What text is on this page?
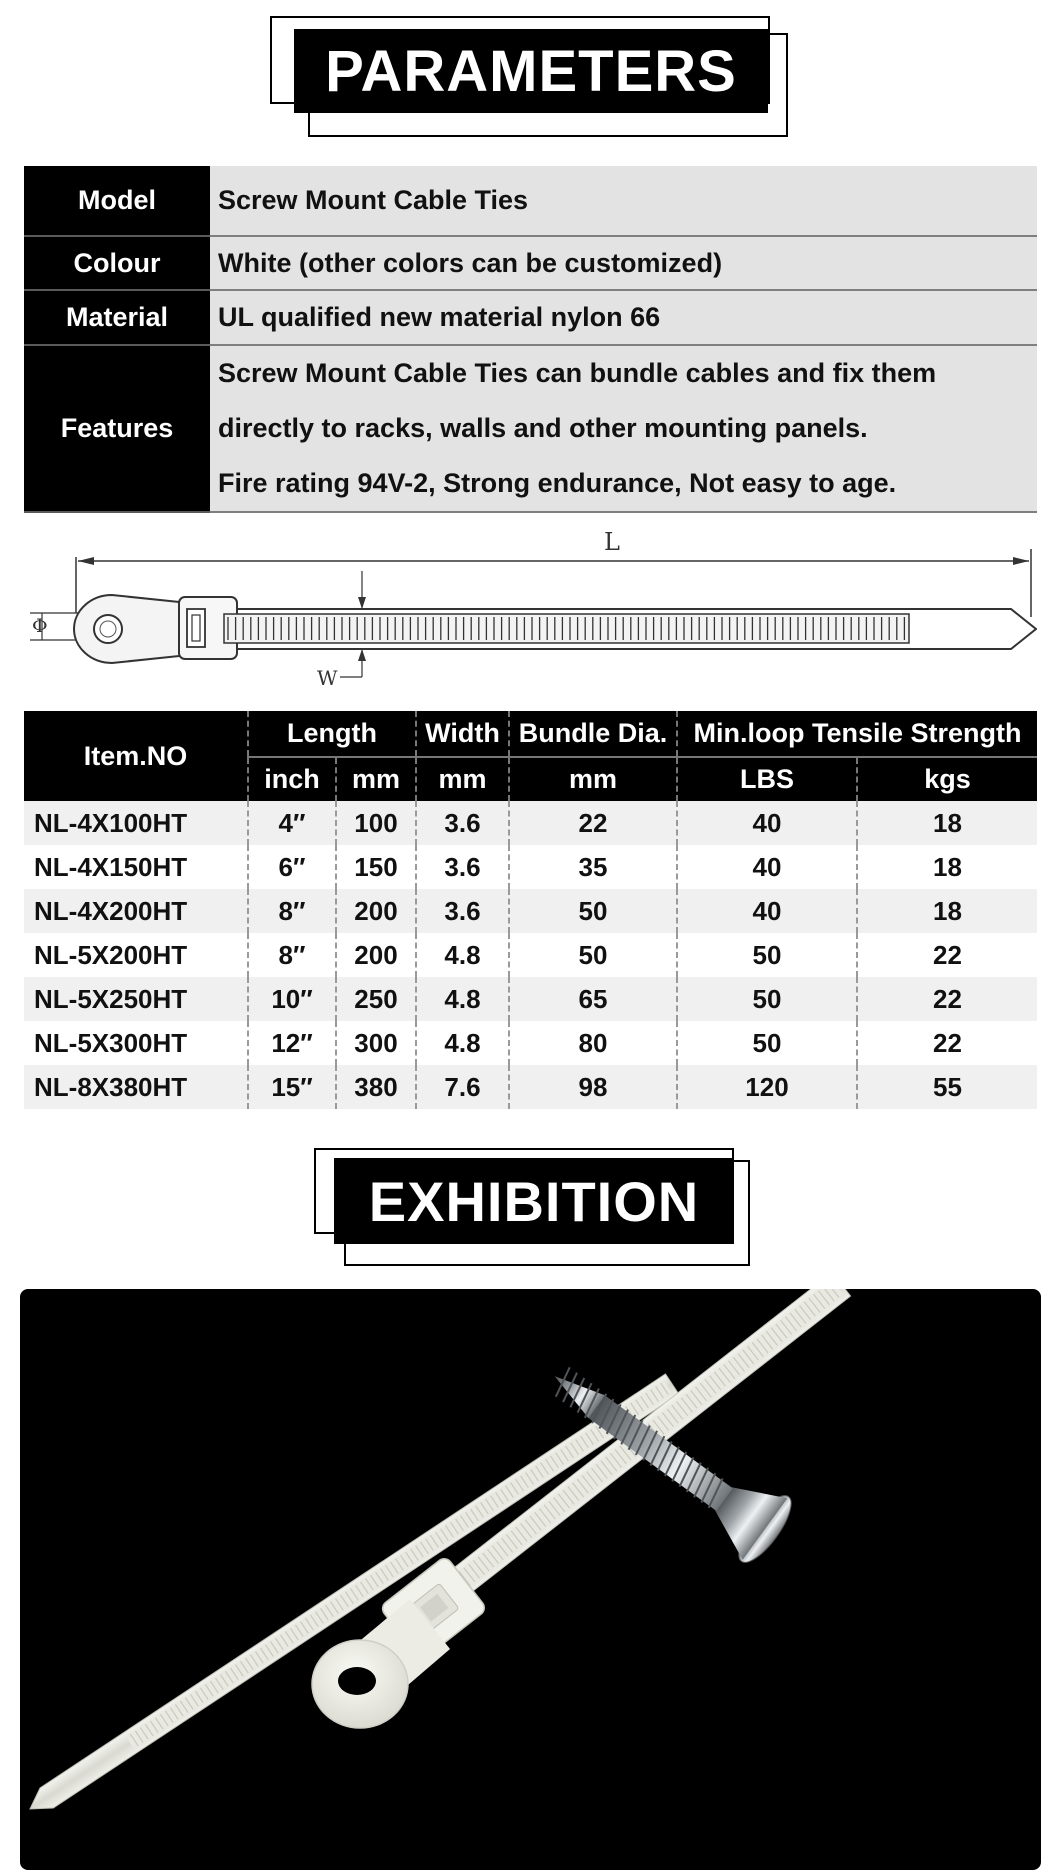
PARAMETERS
Model	Screw Mount Cable Ties
Colour	White (other colors can be customized)
Material	UL qualified new material nylon 66
Features	Screw Mount Cable Ties can bundle cables and fix them
directly to racks, walls and other mounting panels.
Fire rating 94V-2, Strong endurance, Not easy to age.
L
Φ
W
Item.NO	Length		Width	Bundle Dia.	Min.loop Tensile Strength	
	inch	mm	mm	mm	LBS	kgs
NL-4X100HT	4″	100	3.6	22	40	18
NL-4X150HT	6″	150	3.6	35	40	18
NL-4X200HT	8″	200	3.6	50	40	18
NL-5X200HT	8″	200	4.8	50	50	22
NL-5X250HT	10″	250	4.8	65	50	22
NL-5X300HT	12″	300	4.8	80	50	22
NL-8X380HT	15″	380	7.6	98	120	55
EXHIBITION
